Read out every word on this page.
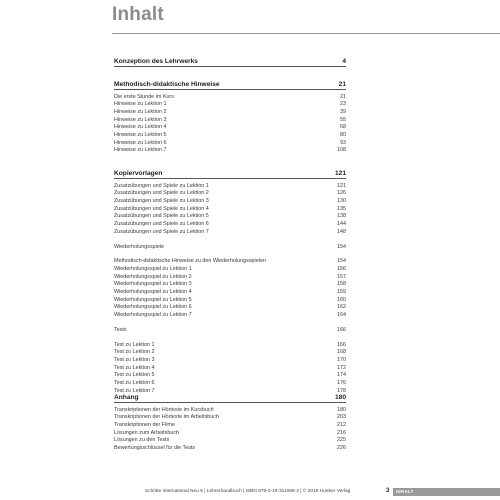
Inhalt
Konzeption des Lehrwerks	4
Methodisch-didaktische Hinweise	21
Die erste Stunde im Kurs	21
Hinweise zu Lektion 1	23
Hinweise zu Lektion 2	39
Hinweise zu Lektion 3	55
Hinweise zu Lektion 4	68
Hinweise zu Lektion 5	80
Hinweise zu Lektion 6	93
Hinweise zu Lektion 7	108
Kopiervorlagen	121
Zusatzübungen und Spiele zu Lektion 1	121
Zusatzübungen und Spiele zu Lektion 2	126
Zusatzübungen und Spiele zu Lektion 3	130
Zusatzübungen und Spiele zu Lektion 4	135
Zusatzübungen und Spiele zu Lektion 5	138
Zusatzübungen und Spiele zu Lektion 6	144
Zusatzübungen und Spiele zu Lektion 7	148
Wiederholungsspiele	154
Methodisch-didaktische Hinweise zu den Wiederholungsspielen	154
Wiederholungsspiel zu Lektion 1	156
Wiederholungsspiel zu Lektion 2	157
Wiederholungsspiel zu Lektion 3	158
Wiederholungsspiel zu Lektion 4	159
Wiederholungsspiel zu Lektion 5	160
Wiederholungsspiel zu Lektion 6	162
Wiederholungsspiel zu Lektion 7	164
Tests	166
Test zu Lektion 1	166
Test zu Lektion 2	168
Test zu Lektion 3	170
Test zu Lektion 4	172
Test zu Lektion 5	174
Test zu Lektion 6	176
Test zu Lektion 7	178
Anhang	180
Transkriptionen der Hörtexte im Kursbuch	180
Transkriptionen der Hörtexte im Arbeitsbuch	203
Transkriptionen der Filme	212
Lösungen zum Arbeitsbuch	216
Lösungen zu den Tests	225
Bewertungsschlüssel für die Tests	226
Schritte international Neu 5 | Lehrerhandbuch | ISBN 978-3-19-311086-2 | © 2019 Hueber Verlag	3	INHALT
